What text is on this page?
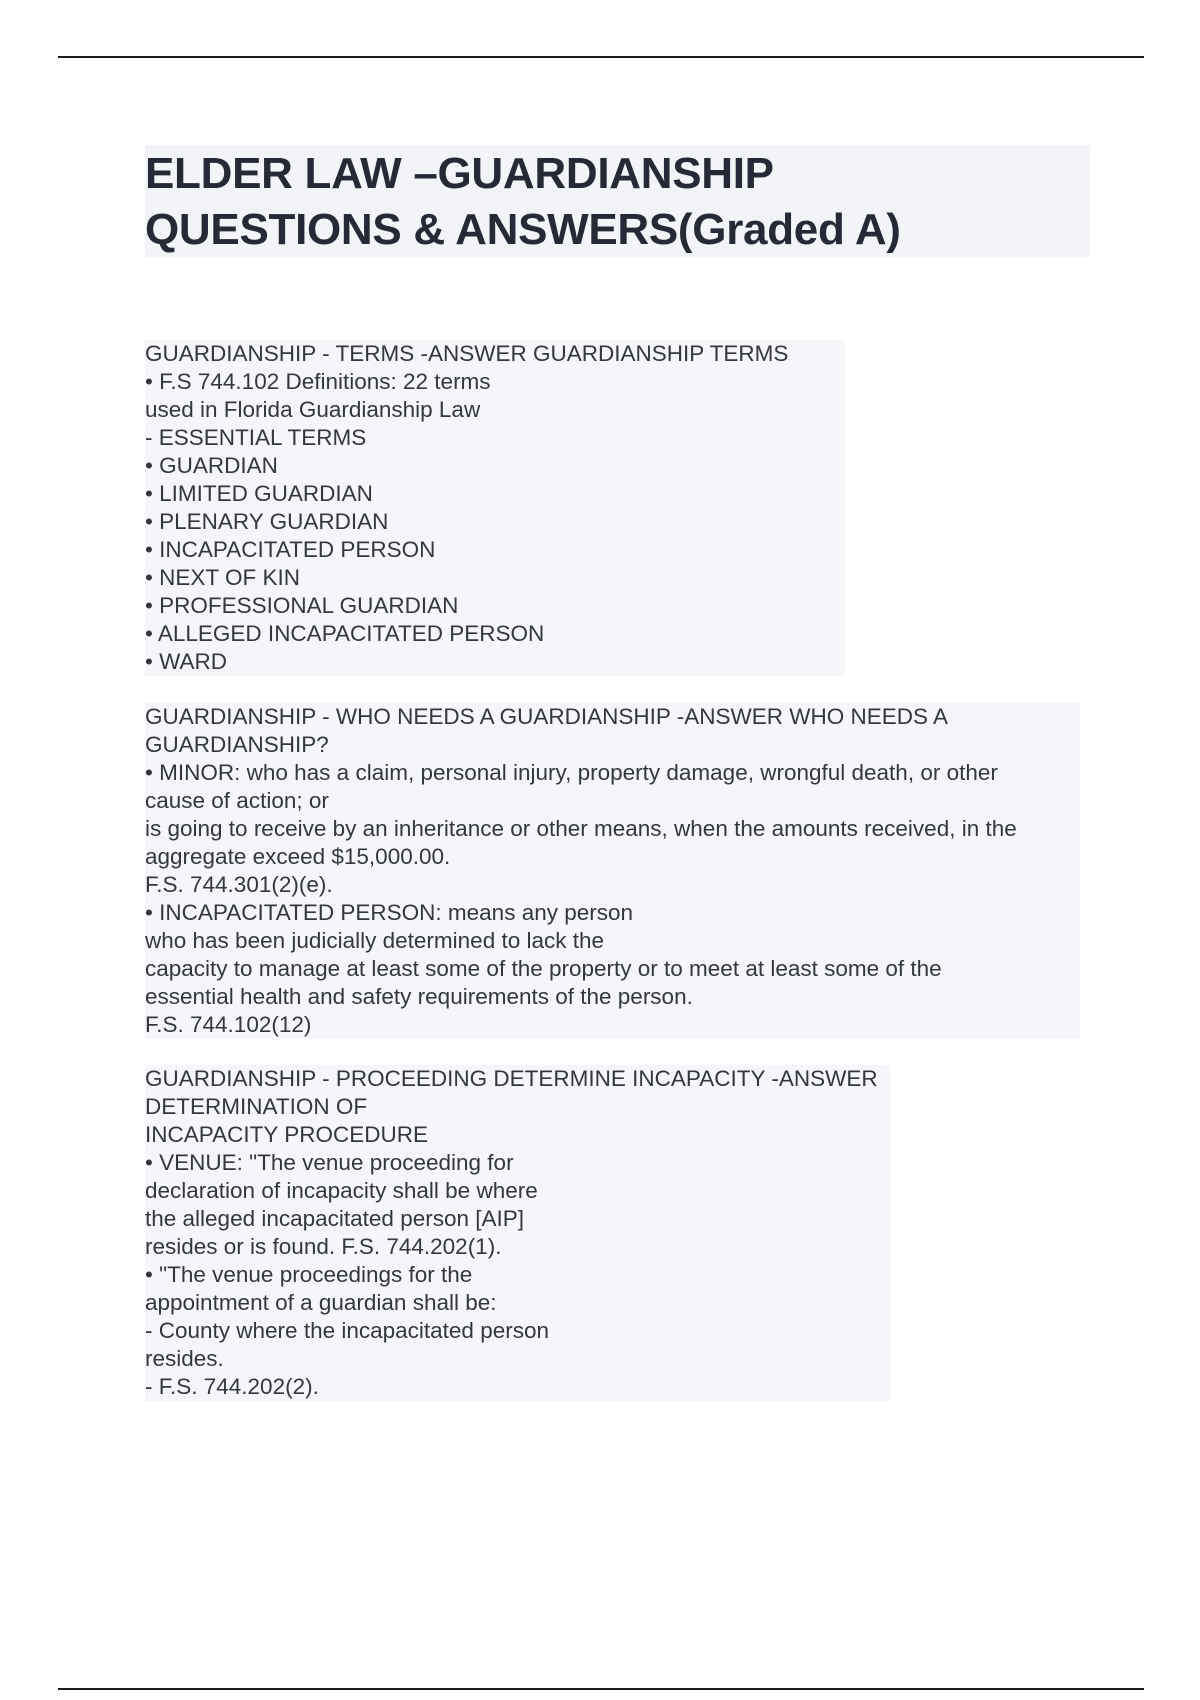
ELDER LAW –GUARDIANSHIP
QUESTIONS & ANSWERS(Graded A)
GUARDIANSHIP - TERMS -ANSWER GUARDIANSHIP TERMS
• F.S 744.102 Definitions: 22 terms
used in Florida Guardianship Law
- ESSENTIAL TERMS
• GUARDIAN
• LIMITED GUARDIAN
• PLENARY GUARDIAN
• INCAPACITATED PERSON
• NEXT OF KIN
• PROFESSIONAL GUARDIAN
• ALLEGED INCAPACITATED PERSON
• WARD
GUARDIANSHIP - WHO NEEDS A GUARDIANSHIP -ANSWER WHO NEEDS A
GUARDIANSHIP?
• MINOR: who has a claim, personal injury, property damage, wrongful death, or other
cause of action; or
is going to receive by an inheritance or other means, when the amounts received, in the
aggregate exceed $15,000.00.
F.S. 744.301(2)(e).
• INCAPACITATED PERSON: means any person
who has been judicially determined to lack the
capacity to manage at least some of the property or to meet at least some of the
essential health and safety requirements of the person.
F.S. 744.102(12)
GUARDIANSHIP - PROCEEDING DETERMINE INCAPACITY -ANSWER
DETERMINATION OF
INCAPACITY PROCEDURE
• VENUE: "The venue proceeding for
declaration of incapacity shall be where
the alleged incapacitated person [AIP]
resides or is found. F.S. 744.202(1).
• "The venue proceedings for the
appointment of a guardian shall be:
- County where the incapacitated person
resides.
- F.S. 744.202(2).
